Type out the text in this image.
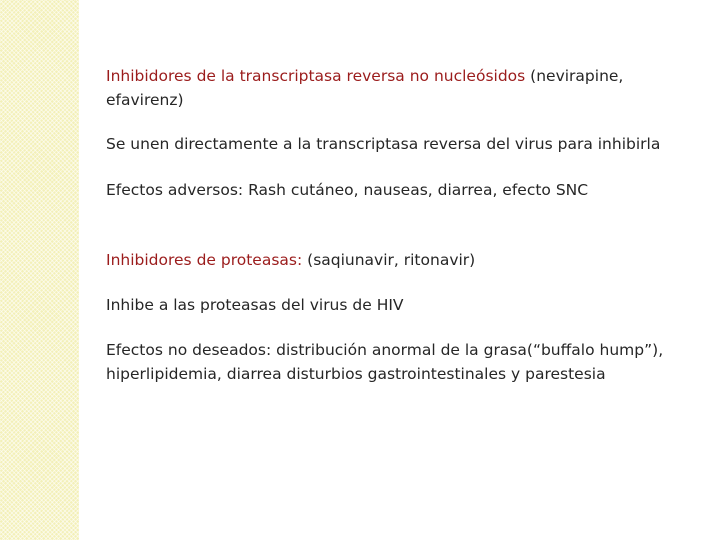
Inhibidores de la transcriptasa reversa no nucleósidos (nevirapine, efavirenz)

Se unen directamente a la transcriptasa reversa del virus para inhibirla

Efectos adversos: Rash cutáneo, nauseas, diarrea, efecto SNC

Inhibidores de proteasas: (saqiunavir, ritonavir)

Inhibe a las proteasas del virus de HIV

Efectos no deseados: distribución anormal de la grasa(“buffalo hump”), hiperlipidemia, diarrea disturbios gastrointestinales y parestesia
